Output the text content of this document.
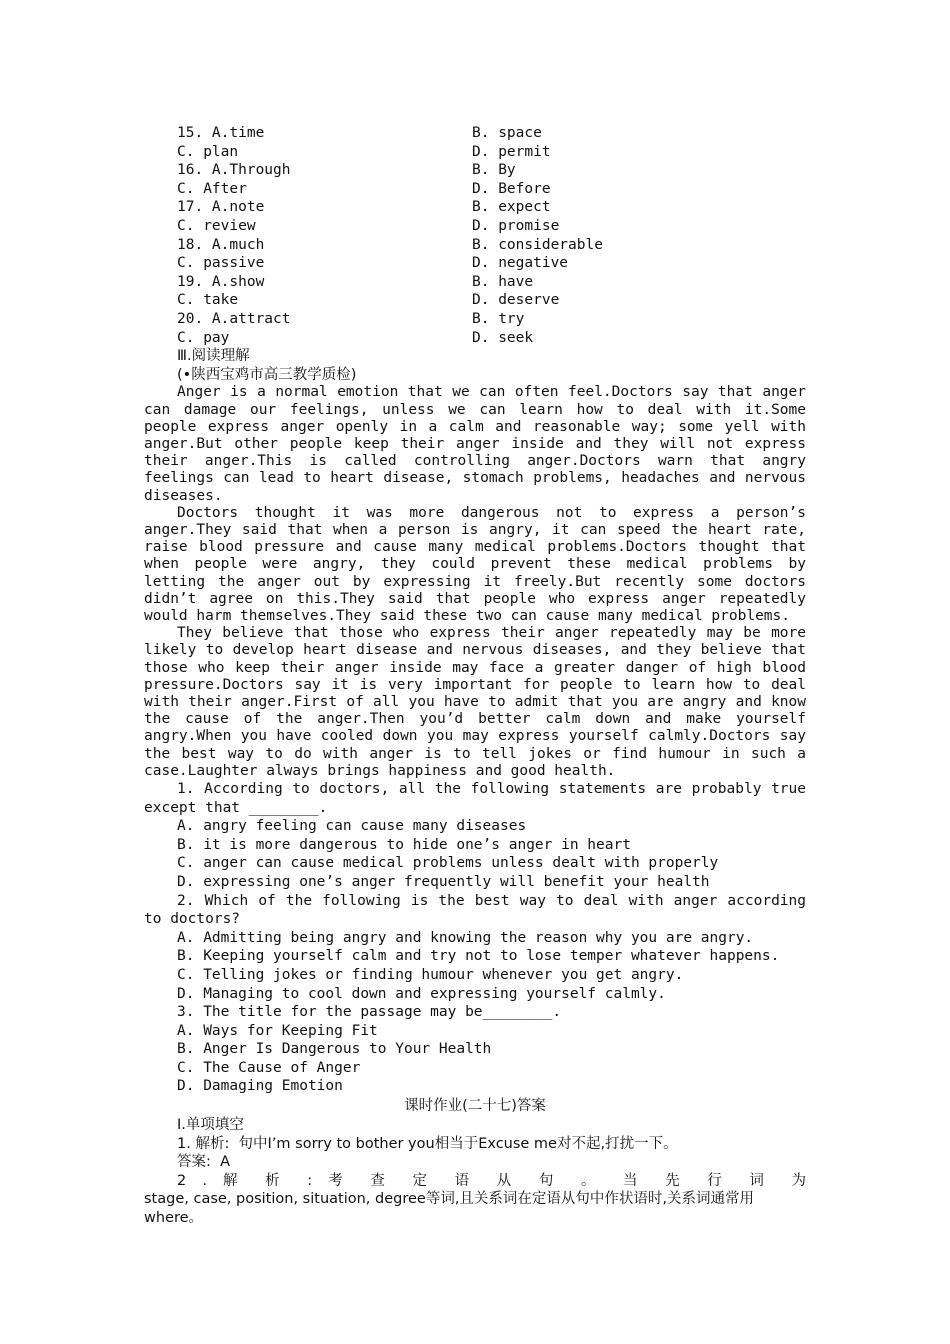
15. A.time	B. space
C. plan	D. permit
16. A.Through	B. By
C. After	D. Before
17. A.note	B. expect
C. review	D. promise
18. A.much	B. considerable
C. passive	D. negative
19. A.show	B. have
C. take	D. deserve
20. A.attract	B. try
C. pay	D. seek
Ⅲ.阅读理解
(•陕西宝鸡市高三教学质检)

Anger is a normal emotion that we can often feel.Doctors say that anger can damage our feelings, unless we can learn how to deal with it.Some people express anger openly in a calm and reasonable way; some yell with anger.But other people keep their anger inside and they will not express their anger.This is called controlling anger.Doctors warn that angry feelings can lead to heart disease, stomach problems, headaches and nervous diseases.

Doctors thought it was more dangerous not to express a person’s anger.They said that when a person is angry, it can speed the heart rate, raise blood pressure and cause many medical problems.Doctors thought that when people were angry, they could prevent these medical problems by letting the anger out by expressing it freely.But recently some doctors didn’t agree on this.They said that people who express anger repeatedly would harm themselves.They said these two can cause many medical problems.

They believe that those who express their anger repeatedly may be more likely to develop heart disease and nervous diseases, and they believe that those who keep their anger inside may face a greater danger of high blood pressure.Doctors say it is very important for people to learn how to deal with their anger.First of all you have to admit that you are angry and know the cause of the anger.Then you’d better calm down and make yourself angry.When you have cooled down you may express yourself calmly.Doctors say the best way to do with anger is to tell jokes or find humour in such a case.Laughter always brings happiness and good health.

1. According to doctors, all the following statements are probably true except that ________.

A. angry feeling can cause many diseases
B. it is more dangerous to hide one’s anger in heart
C. anger can cause medical problems unless dealt with properly
D. expressing one’s anger frequently will benefit your health

2. Which of the following is the best way to deal with anger according to doctors?

A. Admitting being angry and knowing the reason why you are angry.
B. Keeping yourself calm and try not to lose temper whatever happens.
C. Telling jokes or finding humour whenever you get angry.
D. Managing to cool down and expressing yourself calmly.

3. The title for the passage may be________.

A. Ways for Keeping Fit
B. Anger Is Dangerous to Your Health
C. The Cause of Anger
D. Damaging Emotion
课时作业(二十七)答案
Ⅰ.单项填空
1. 解析:  句中I’m sorry to bother you相当于Excuse me对不起,打扰一下。
答案:  A

2 . 解 析 : 考 查 定 语 从 句 。 当 先 行 词 为

stage, case, position, situation, degree等词,且关系词在定语从句中作状语时,关系词通常用where。
